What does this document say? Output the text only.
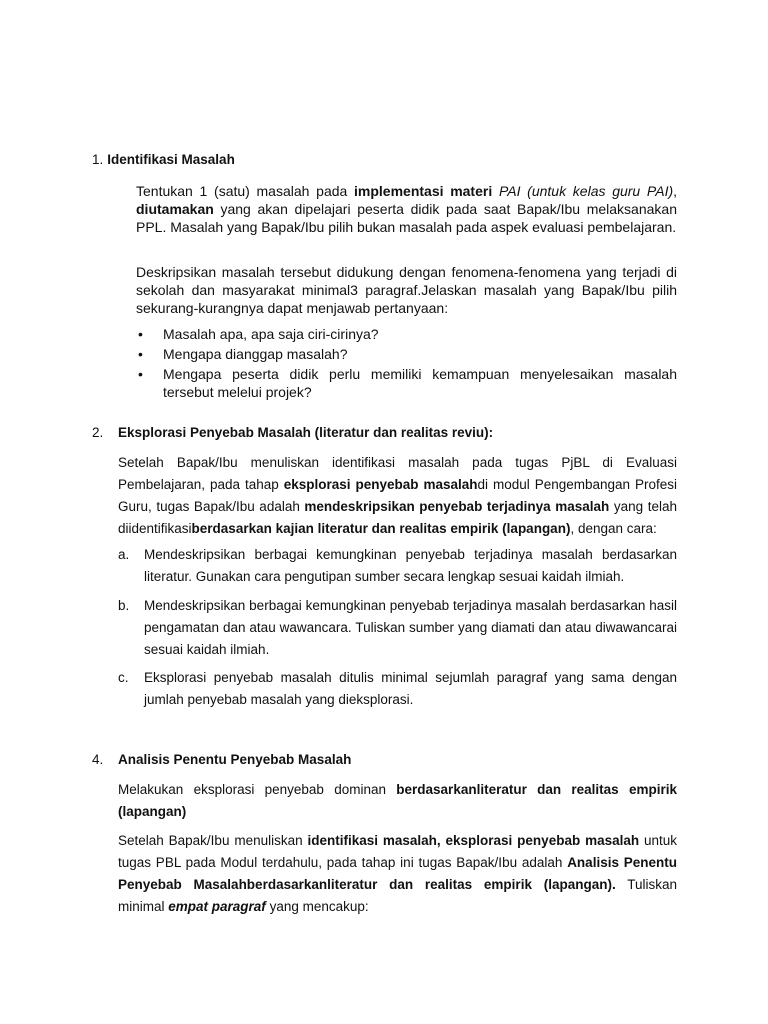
1. Identifikasi Masalah
Tentukan 1 (satu) masalah pada implementasi materi PAI (untuk kelas guru PAI), diutamakan yang akan dipelajari peserta didik pada saat Bapak/Ibu melaksanakan PPL. Masalah yang Bapak/Ibu pilih bukan masalah pada aspek evaluasi pembelajaran.
Deskripsikan masalah tersebut didukung dengan fenomena-fenomena yang terjadi di sekolah dan masyarakat minimal3 paragraf.Jelaskan masalah yang Bapak/Ibu pilih sekurang-kurangnya dapat menjawab pertanyaan:
• Masalah apa, apa saja ciri-cirinya?
• Mengapa dianggap masalah?
• Mengapa peserta didik perlu memiliki kemampuan menyelesaikan masalah tersebut melelui projek?
2. Eksplorasi Penyebab Masalah (literatur dan realitas reviu):
Setelah Bapak/Ibu menuliskan identifikasi masalah pada tugas PjBL di Evaluasi Pembelajaran, pada tahap eksplorasi penyebab masalahdi modul Pengembangan Profesi Guru, tugas Bapak/Ibu adalah mendeskripsikan penyebab terjadinya masalah yang telah diidentifikasiberdasarkan kajian literatur dan realitas empirik (lapangan), dengan cara:
a. Mendeskripsikan berbagai kemungkinan penyebab terjadinya masalah berdasarkan literatur. Gunakan cara pengutipan sumber secara lengkap sesuai kaidah ilmiah.
b. Mendeskripsikan berbagai kemungkinan penyebab terjadinya masalah berdasarkan hasil pengamatan dan atau wawancara. Tuliskan sumber yang diamati dan atau diwawancarai sesuai kaidah ilmiah.
c. Eksplorasi penyebab masalah ditulis minimal sejumlah paragraf yang sama dengan jumlah penyebab masalah yang dieksplorasi.
4. Analisis Penentu Penyebab Masalah
Melakukan eksplorasi penyebab dominan berdasarkanliteratur dan realitas empirik (lapangan)
Setelah Bapak/Ibu menuliskan identifikasi masalah, eksplorasi penyebab masalah untuk tugas PBL pada Modul terdahulu, pada tahap ini tugas Bapak/Ibu adalah Analisis Penentu Penyebab Masalahberdasarkanliteratur dan realitas empirik (lapangan). Tuliskan minimal empat paragraf yang mencakup:
